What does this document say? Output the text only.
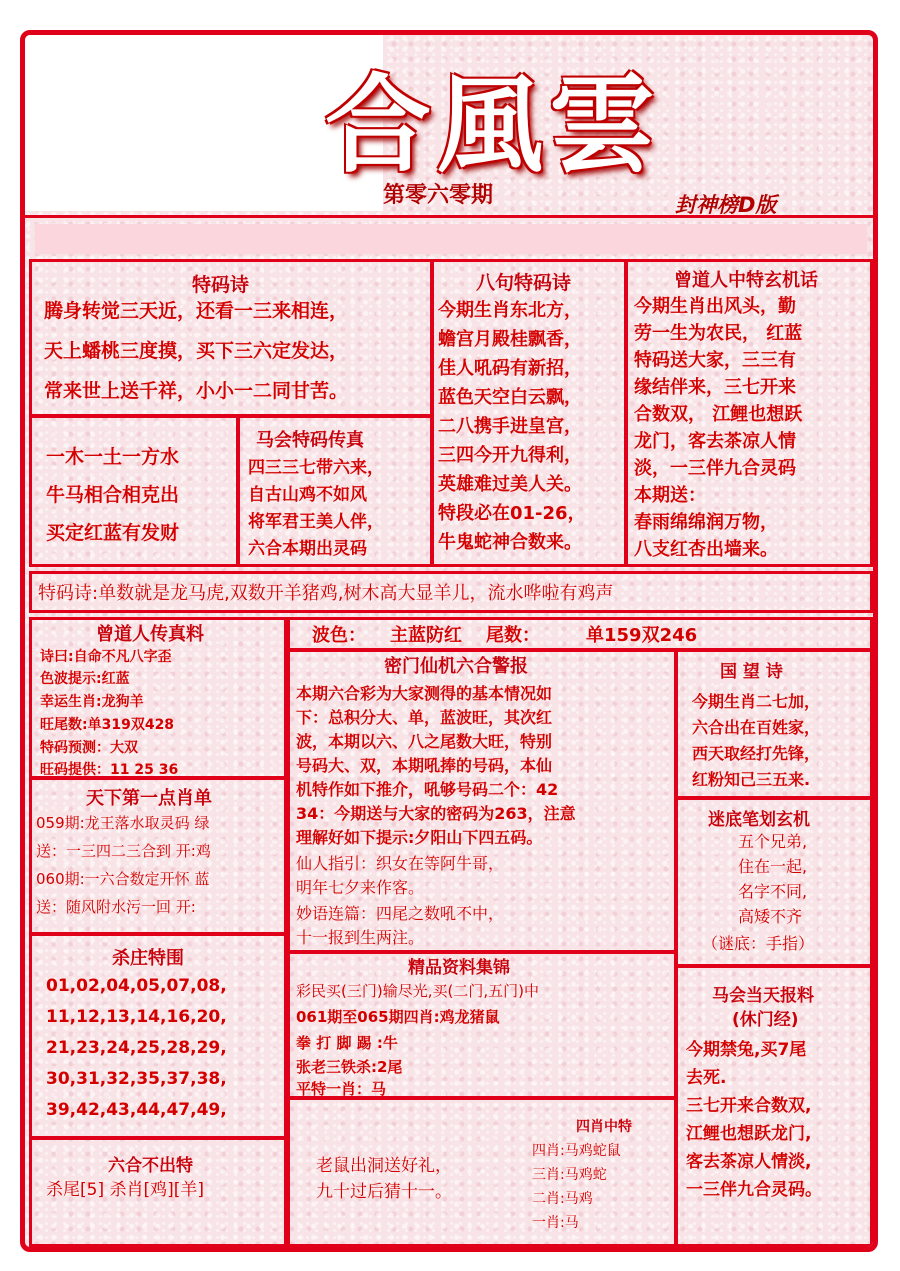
合風雲
第零六零期	封神榜D版
特码诗
腾身转觉三天近，还看一三来相连，
天上蟠桃三度摸，买下三六定发达，
常来世上送千祥，小小一二同甘苦。
一木一土一方水
牛马相合相克出
买定红蓝有发财
马会特码传真
四三三七带六来，
自古山鸡不如风
将军君王美人伴，
六合本期出灵码
八句特码诗
今期生肖东北方，
蟾宫月殿桂飘香，
佳人吼码有新招，
蓝色天空白云飘，
二八携手进皇宫，
三四今开九得利，
英雄难过美人关。
特段必在01-26，
牛鬼蛇神合数来。
曾道人中特玄机话
今期生肖出风头，勤
劳一生为农民， 红蓝
特码送大家，三三有
缘结伴来，三七开来
合数双， 江鲤也想跃
龙门，客去茶凉人情
淡，一三伴九合灵码
本期送：
春雨绵绵润万物，
八支红杏出墙来。
特码诗:单数就是龙马虎,双数开羊猪鸡,树木高大显羊儿，流水哗啦有鸡声
曾道人传真料
诗曰:自命不凡八字歪
色波提示:红蓝
幸运生肖:龙狗羊
旺尾数:单319双428
特码预测：大双
旺码提供：11 25 36
波色： 主蓝防红 尾数：	单159双246
密门仙机六合警报
本期六合彩为大家测得的基本情况如
下：总积分大、单，蓝波旺，其次红
波，本期以六、八之尾数大旺，特别
号码大、双，本期吼捧的号码，本仙
机特作如下推介，吼够号码二个：42
34：今期送与大家的密码为263，注意
理解好如下提示:夕阳山下四五码。
仙人指引：织女在等阿牛哥，
明年七夕来作客。
妙语连篇：四尾之数吼不中，
十一报到生两注。
国 望 诗
今期生肖二七加，
六合出在百姓家，
西天取经打先锋，
红粉知己三五来.
天下第一点肖单
059期:龙王落水取灵码 绿
送：一三四二三合到 开:鸡
060期:一六合数定开怀 蓝
送：随风附水污一回 开:
迷底笔划玄机
五个兄弟,
住在一起,
名字不同,
高矮不齐
（谜底：手指）
杀庄特围
01,02,04,05,07,08,
11,12,13,14,16,20,
21,23,24,25,28,29,
30,31,32,35,37,38,
39,42,43,44,47,49,
精品资料集锦
彩民买(三门)输尽光,买(二门,五门)中
061期至065期四肖:鸡龙猪鼠
拳 打 脚 踢 :牛
张老三铁杀:2尾
平特一肖：马
马会当天报料
(休门经)
今期禁兔,买7尾
去死.
三七开来合数双,
江鲤也想跃龙门,
客去茶凉人情淡,
一三伴九合灵码。
老鼠出洞送好礼，
九十过后猜十一。
四肖中特
四肖:马鸡蛇鼠
三肖:马鸡蛇
二肖:马鸡
一肖:马
六合不出特
杀尾[5] 杀肖[鸡][羊]
